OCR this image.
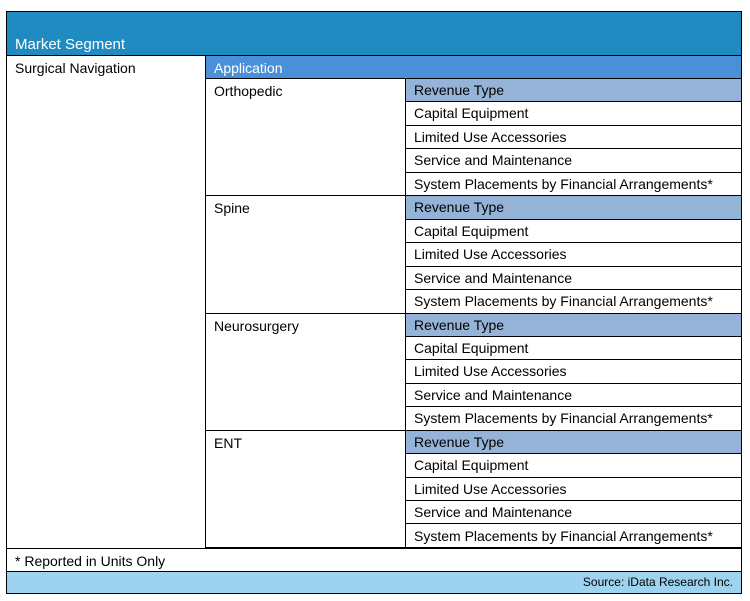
Market Segment
Surgical Navigation	Application
Orthopedic	Revenue Type
Capital Equipment
Limited Use Accessories
Service and Maintenance
System Placements by Financial Arrangements*
Spine	Revenue Type
Capital Equipment
Limited Use Accessories
Service and Maintenance
System Placements by Financial Arrangements*
Neurosurgery	Revenue Type
Capital Equipment
Limited Use Accessories
Service and Maintenance
System Placements by Financial Arrangements*
ENT	Revenue Type
Capital Equipment
Limited Use Accessories
Service and Maintenance
System Placements by Financial Arrangements*
* Reported in Units Only
Source: iData Research Inc.
